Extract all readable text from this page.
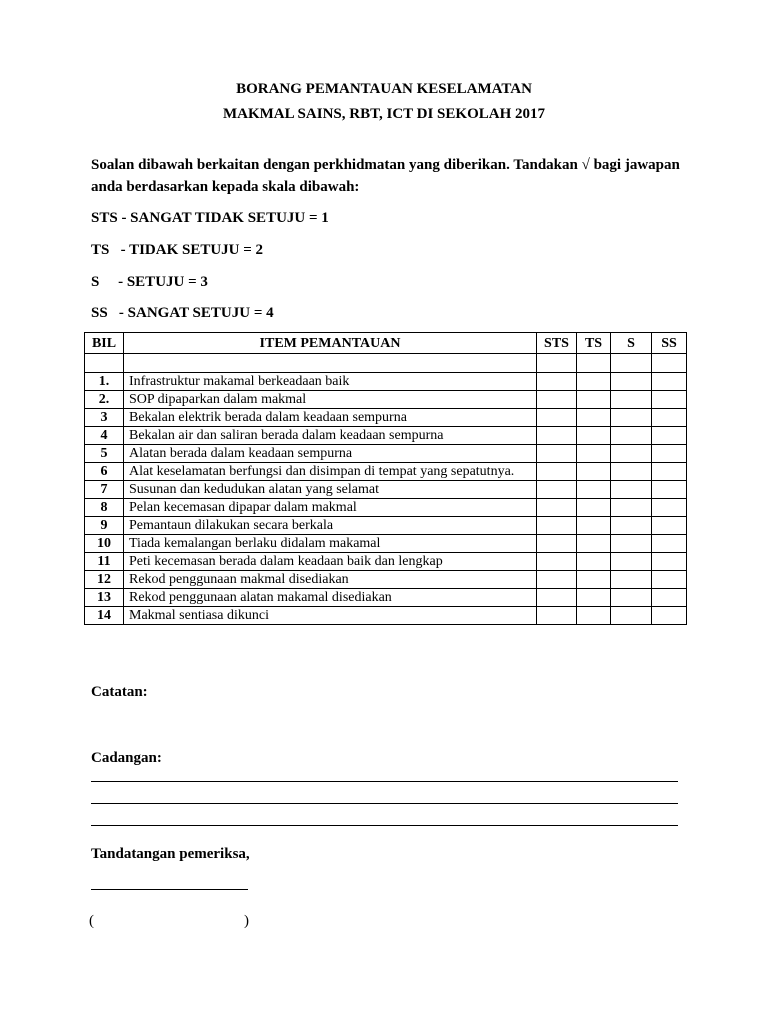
BORANG PEMANTAUAN KESELAMATAN
MAKMAL SAINS, RBT, ICT DI SEKOLAH 2017
Soalan dibawah berkaitan dengan perkhidmatan yang diberikan. Tandakan √ bagi jawapan anda berdasarkan kepada skala dibawah:
STS - SANGAT TIDAK SETUJU = 1
TS   - TIDAK SETUJU = 2
S     - SETUJU = 3
SS   - SANGAT SETUJU = 4
BIL	ITEM PEMANTAUAN	STS	TS	S	SS

1.	Infrastruktur makamal berkeadaan baik				
2.	SOP dipaparkan dalam makmal				
3	Bekalan elektrik berada dalam keadaan sempurna				
4	Bekalan air dan saliran berada dalam keadaan sempurna				
5	Alatan berada dalam keadaan sempurna				
6	Alat keselamatan berfungsi dan disimpan di tempat yang sepatutnya.				
7	Susunan dan kedudukan alatan yang selamat				
8	Pelan kecemasan dipapar dalam makmal				
9	Pemantaun dilakukan secara berkala				
10	Tiada kemalangan berlaku didalam makamal				
11	Peti kecemasan berada dalam keadaan baik dan lengkap				
12	Rekod penggunaan makmal disediakan				
13	Rekod penggunaan alatan makamal disediakan				
14	Makmal sentiasa dikunci				
Catatan:
Cadangan:
Tandatangan pemeriksa,
(	)
